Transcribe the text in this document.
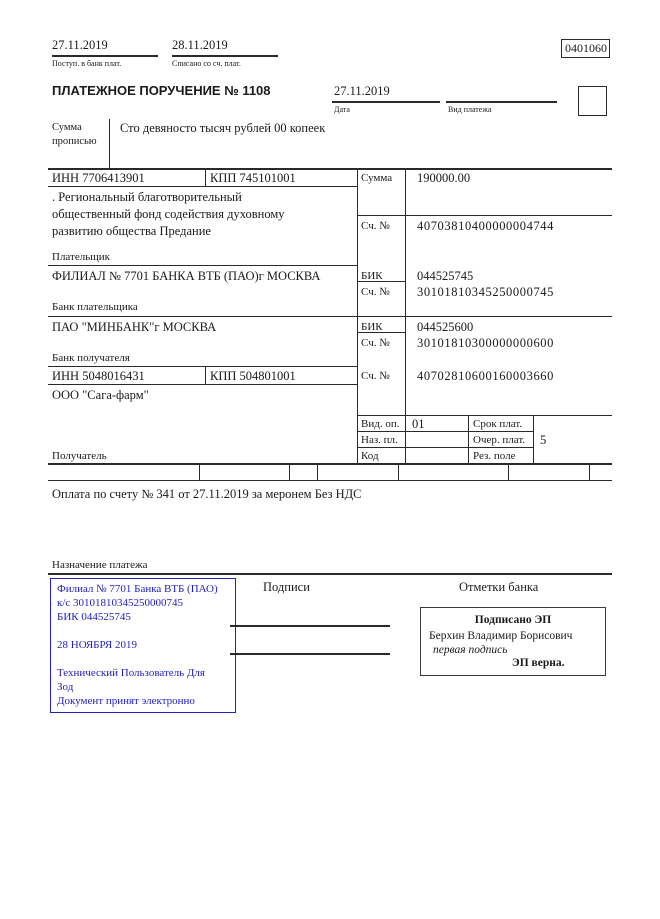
27.11.2019
Поступ. в банк плат.
28.11.2019
Списано со сч. плат.
0401060
ПЛАТЕЖНОЕ ПОРУЧЕНИЕ № 1108	27.11.2019
Дата	Вид платежа
Сумма
прописью
Сто девяносто тысяч рублей 00 копеек
ИНН 7706413901	КПП 745101001	Сумма 190000.00
. Региональный благотворительный
общественный фонд содействия духовному
развитию общества Предание	Сч. № 40703810400000004744
Плательщик
ФИЛИАЛ № 7701 БАНКА ВТБ (ПАО)г МОСКВА	БИК	044525745
Сч. № 30101810345250000745
Банк плательщика
ПАО "МИНБАНК"г МОСКВА	БИК	044525600
Сч. № 30101810300000000600
Банк получателя
ИНН 5048016431	КПП 504801001	Сч. № 40702810600160003660
ООО "Сага-фарм"
Вид. оп. 01	Срок плат.
Наз. пл.	Очер. плат. 5
Код	Рез. поле
Получатель
Оплата по счету № 341 от 27.11.2019 за меронем Без НДС
Назначение платежа
Филиал № 7701 Банка ВТБ (ПАО)
к/с 30101810345250000745
БИК 044525745
28 НОЯБРЯ 2019
Технический Пользователь Для
Зод
Документ принят электронно
Подписи	Отметки банка
Подписано ЭП
Берхин Владимир Борисович
первая подпись
ЭП верна.
